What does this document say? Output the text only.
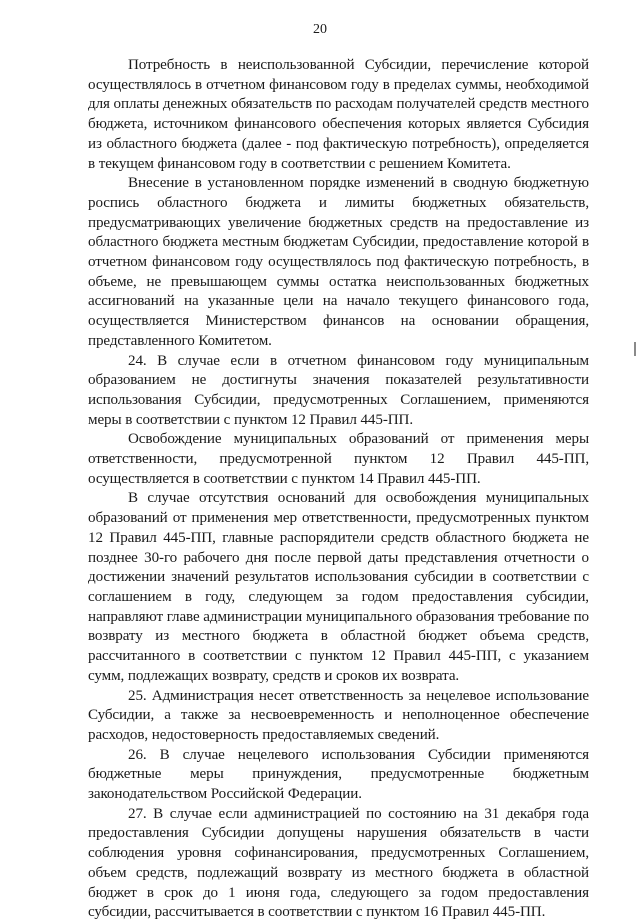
20

Потребность в неиспользованной Субсидии, перечисление которой осуществлялось в отчетном финансовом году в пределах суммы, необходимой для оплаты денежных обязательств по расходам получателей средств местного бюджета, источником финансового обеспечения которых является Субсидия из областного бюджета (далее - под фактическую потребность), определяется в текущем финансовом году в соответствии с решением Комитета.

Внесение в установленном порядке изменений в сводную бюджетную роспись областного бюджета и лимиты бюджетных обязательств, предусматривающих увеличение бюджетных средств на предоставление из областного бюджета местным бюджетам Субсидии, предоставление которой в отчетном финансовом году осуществлялось под фактическую потребность, в объеме, не превышающем суммы остатка неиспользованных бюджетных ассигнований на указанные цели на начало текущего финансового года, осуществляется Министерством финансов на основании обращения, представленного Комитетом.

24. В случае если в отчетном финансовом году муниципальным образованием не достигнуты значения показателей результативности использования Субсидии, предусмотренных Соглашением, применяются меры в соответствии с пунктом 12 Правил 445-ПП.

Освобождение муниципальных образований от применения меры ответственности, предусмотренной пунктом 12 Правил 445-ПП, осуществляется в соответствии с пунктом 14 Правил 445-ПП.

В случае отсутствия оснований для освобождения муниципальных образований от применения мер ответственности, предусмотренных пунктом 12 Правил 445-ПП, главные распорядители средств областного бюджета не позднее 30-го рабочего дня после первой даты представления отчетности о достижении значений результатов использования субсидии в соответствии с соглашением в году, следующем за годом предоставления субсидии, направляют главе администрации муниципального образования требование по возврату из местного бюджета в областной бюджет объема средств, рассчитанного в соответствии с пунктом 12 Правил 445-ПП, с указанием сумм, подлежащих возврату, средств и сроков их возврата.

25. Администрация несет ответственность за нецелевое использование Субсидии, а также за несвоевременность и неполноценное обеспечение расходов, недостоверность предоставляемых сведений.

26. В случае нецелевого использования Субсидии применяются бюджетные меры принуждения, предусмотренные бюджетным законодательством Российской Федерации.

27. В случае если администрацией по состоянию на 31 декабря года предоставления Субсидии допущены нарушения обязательств в части соблюдения уровня софинансирования, предусмотренных Соглашением, объем средств, подлежащий возврату из местного бюджета в областной бюджет в срок до 1 июня года, следующего за годом предоставления субсидии, рассчитывается в соответствии с пунктом 16 Правил 445-ПП.
